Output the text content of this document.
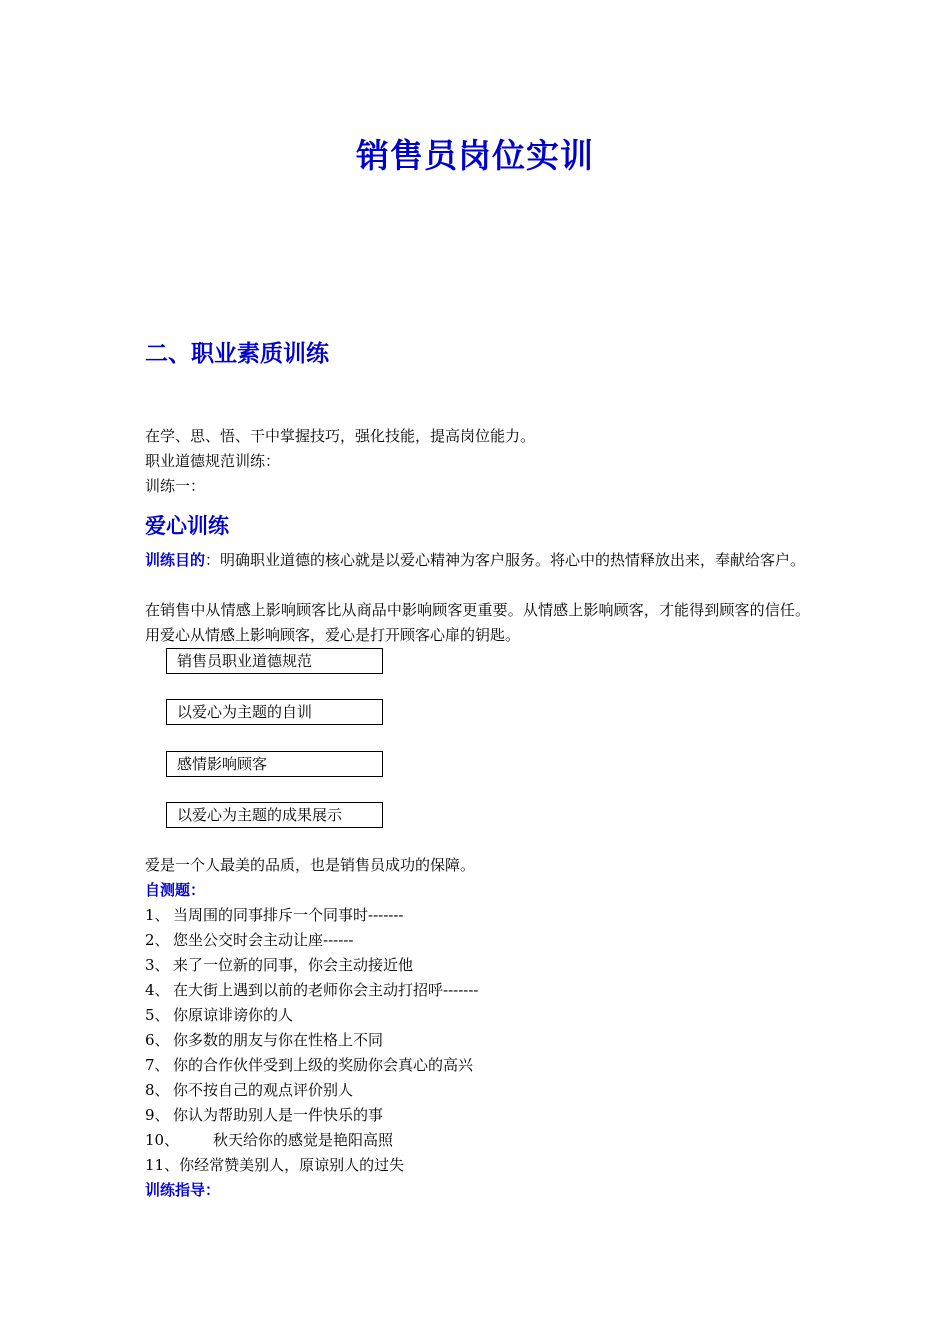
销售员岗位实训
二、职业素质训练
在学、思、悟、干中掌握技巧，强化技能，提高岗位能力。
职业道德规范训练：
训练一：
爱心训练
训练目的：明确职业道德的核心就是以爱心精神为客户服务。将心中的热情释放出来，奉献给客户。
在销售中从情感上影响顾客比从商品中影响顾客更重要。从情感上影响顾客，才能得到顾客的信任。用爱心从情感上影响顾客，爱心是打开顾客心扉的钥匙。
销售员职业道德规范
以爱心为主题的自训
感情影响顾客
以爱心为主题的成果展示
爱是一个人最美的品质，也是销售员成功的保障。
自测题：
1、 当周围的同事排斥一个同事时-------
2、 您坐公交时会主动让座------
3、 来了一位新的同事，你会主动接近他
4、 在大街上遇到以前的老师你会主动打招呼-------
5、 你原谅诽谤你的人
6、 你多数的朋友与你在性格上不同
7、 你的合作伙伴受到上级的奖励你会真心的高兴
8、 你不按自己的观点评价别人
9、 你认为帮助别人是一件快乐的事
10、 秋天给你的感觉是艳阳高照
11、你经常赞美别人，原谅别人的过失
训练指导：
